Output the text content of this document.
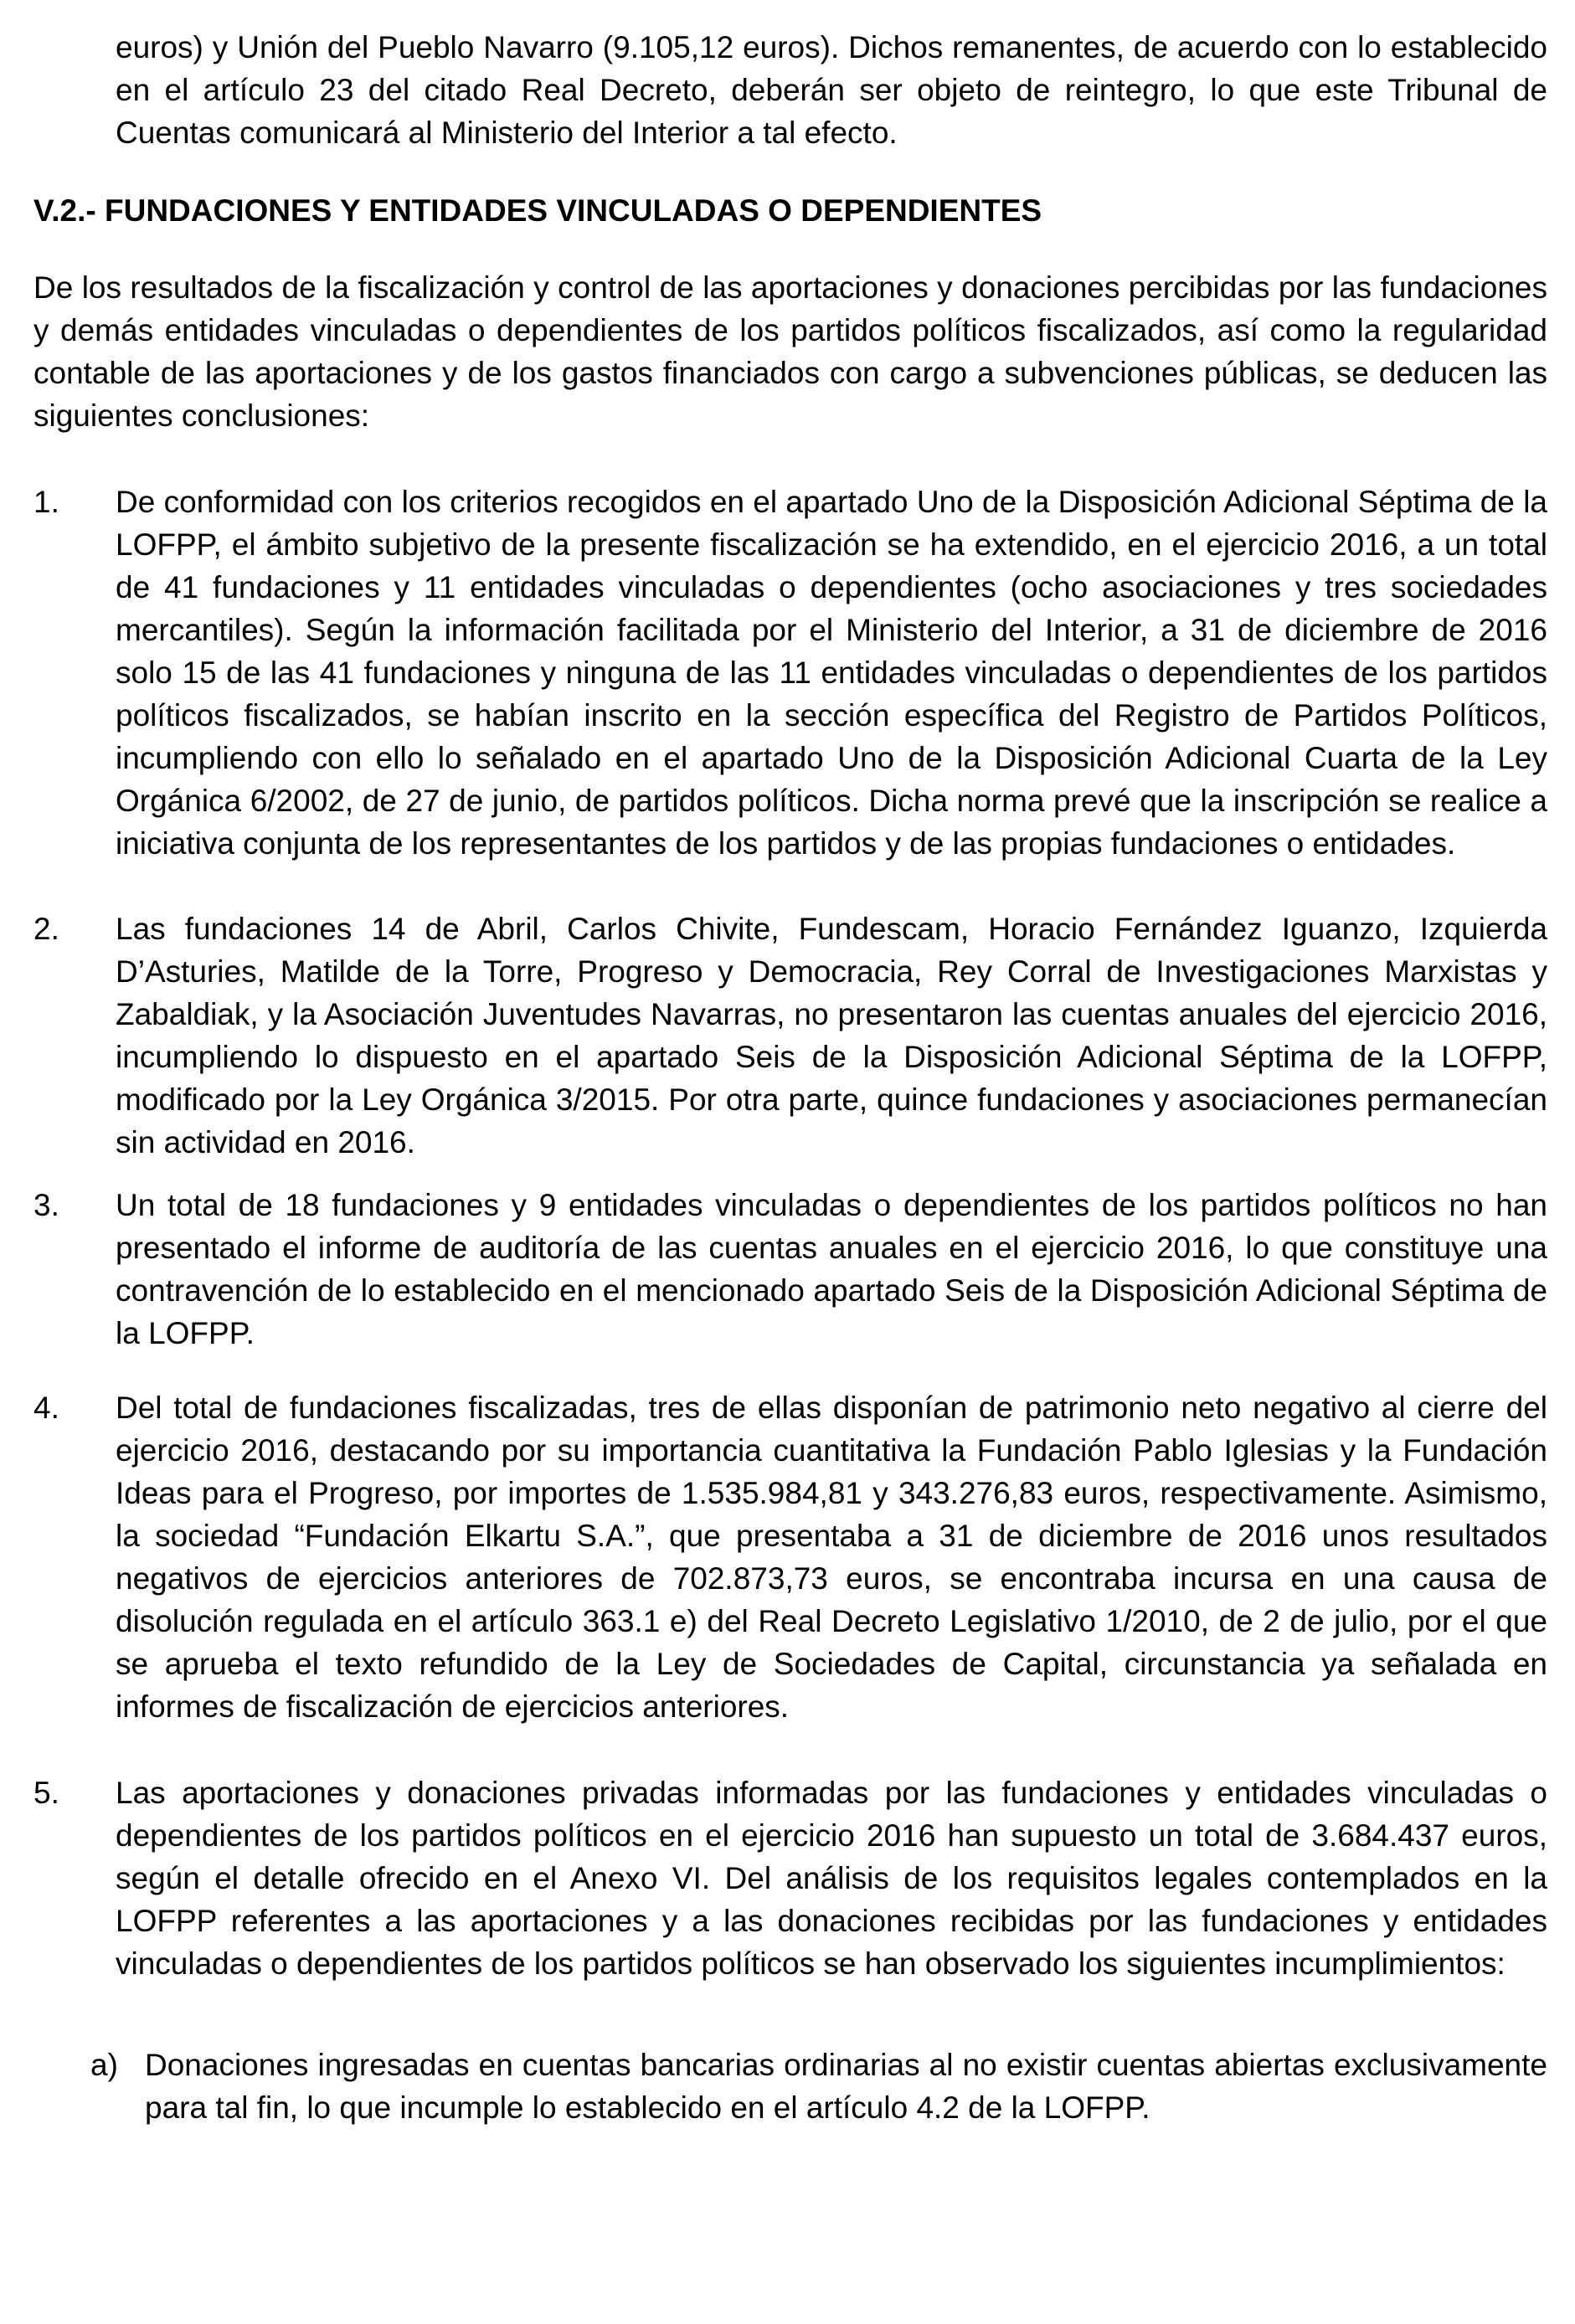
euros) y Unión del Pueblo Navarro (9.105,12 euros). Dichos remanentes, de acuerdo con lo establecido en el artículo 23 del citado Real Decreto, deberán ser objeto de reintegro, lo que este Tribunal de Cuentas comunicará al Ministerio del Interior a tal efecto.

V.2.- FUNDACIONES Y ENTIDADES VINCULADAS O DEPENDIENTES

De los resultados de la fiscalización y control de las aportaciones y donaciones percibidas por las fundaciones y demás entidades vinculadas o dependientes de los partidos políticos fiscalizados, así como la regularidad contable de las aportaciones y de los gastos financiados con cargo a subvenciones públicas, se deducen las siguientes conclusiones:

1.	De conformidad con los criterios recogidos en el apartado Uno de la Disposición Adicional Séptima de la LOFPP, el ámbito subjetivo de la presente fiscalización se ha extendido, en el ejercicio 2016, a un total de 41 fundaciones y 11 entidades vinculadas o dependientes (ocho asociaciones y tres sociedades mercantiles). Según la información facilitada por el Ministerio del Interior, a 31 de diciembre de 2016 solo 15 de las 41 fundaciones y ninguna de las 11 entidades vinculadas o dependientes de los partidos políticos fiscalizados, se habían inscrito en la sección específica del Registro de Partidos Políticos, incumpliendo con ello lo señalado en el apartado Uno de la Disposición Adicional Cuarta de la Ley Orgánica 6/2002, de 27 de junio, de partidos políticos. Dicha norma prevé que la inscripción se realice a iniciativa conjunta de los representantes de los partidos y de las propias fundaciones o entidades.
2.	Las fundaciones 14 de Abril, Carlos Chivite, Fundescam, Horacio Fernández Iguanzo, Izquierda D’Asturies, Matilde de la Torre, Progreso y Democracia, Rey Corral de Investigaciones Marxistas y Zabaldiak, y la Asociación Juventudes Navarras, no presentaron las cuentas anuales del ejercicio 2016, incumpliendo lo dispuesto en el apartado Seis de la Disposición Adicional Séptima de la LOFPP, modificado por la Ley Orgánica 3/2015. Por otra parte, quince fundaciones y asociaciones permanecían sin actividad en 2016.
3.	Un total de 18 fundaciones y 9 entidades vinculadas o dependientes de los partidos políticos no han presentado el informe de auditoría de las cuentas anuales en el ejercicio 2016, lo que constituye una contravención de lo establecido en el mencionado apartado Seis de la Disposición Adicional Séptima de la LOFPP.
4.	Del total de fundaciones fiscalizadas, tres de ellas disponían de patrimonio neto negativo al cierre del ejercicio 2016, destacando por su importancia cuantitativa la Fundación Pablo Iglesias y la Fundación Ideas para el Progreso, por importes de 1.535.984,81 y 343.276,83 euros, respectivamente. Asimismo, la sociedad “Fundación Elkartu S.A.”, que presentaba a 31 de diciembre de 2016 unos resultados negativos de ejercicios anteriores de 702.873,73 euros, se encontraba incursa en una causa de disolución regulada en el artículo 363.1 e) del Real Decreto Legislativo 1/2010, de 2 de julio, por el que se aprueba el texto refundido de la Ley de Sociedades de Capital, circunstancia ya señalada en informes de fiscalización de ejercicios anteriores.
5.	Las aportaciones y donaciones privadas informadas por las fundaciones y entidades vinculadas o dependientes de los partidos políticos en el ejercicio 2016 han supuesto un total de 3.684.437 euros, según el detalle ofrecido en el Anexo VI. Del análisis de los requisitos legales contemplados en la LOFPP referentes a las aportaciones y a las donaciones recibidas por las fundaciones y entidades vinculadas o dependientes de los partidos políticos se han observado los siguientes incumplimientos:
a) Donaciones ingresadas en cuentas bancarias ordinarias al no existir cuentas abiertas exclusivamente para tal fin, lo que incumple lo establecido en el artículo 4.2 de la LOFPP.
